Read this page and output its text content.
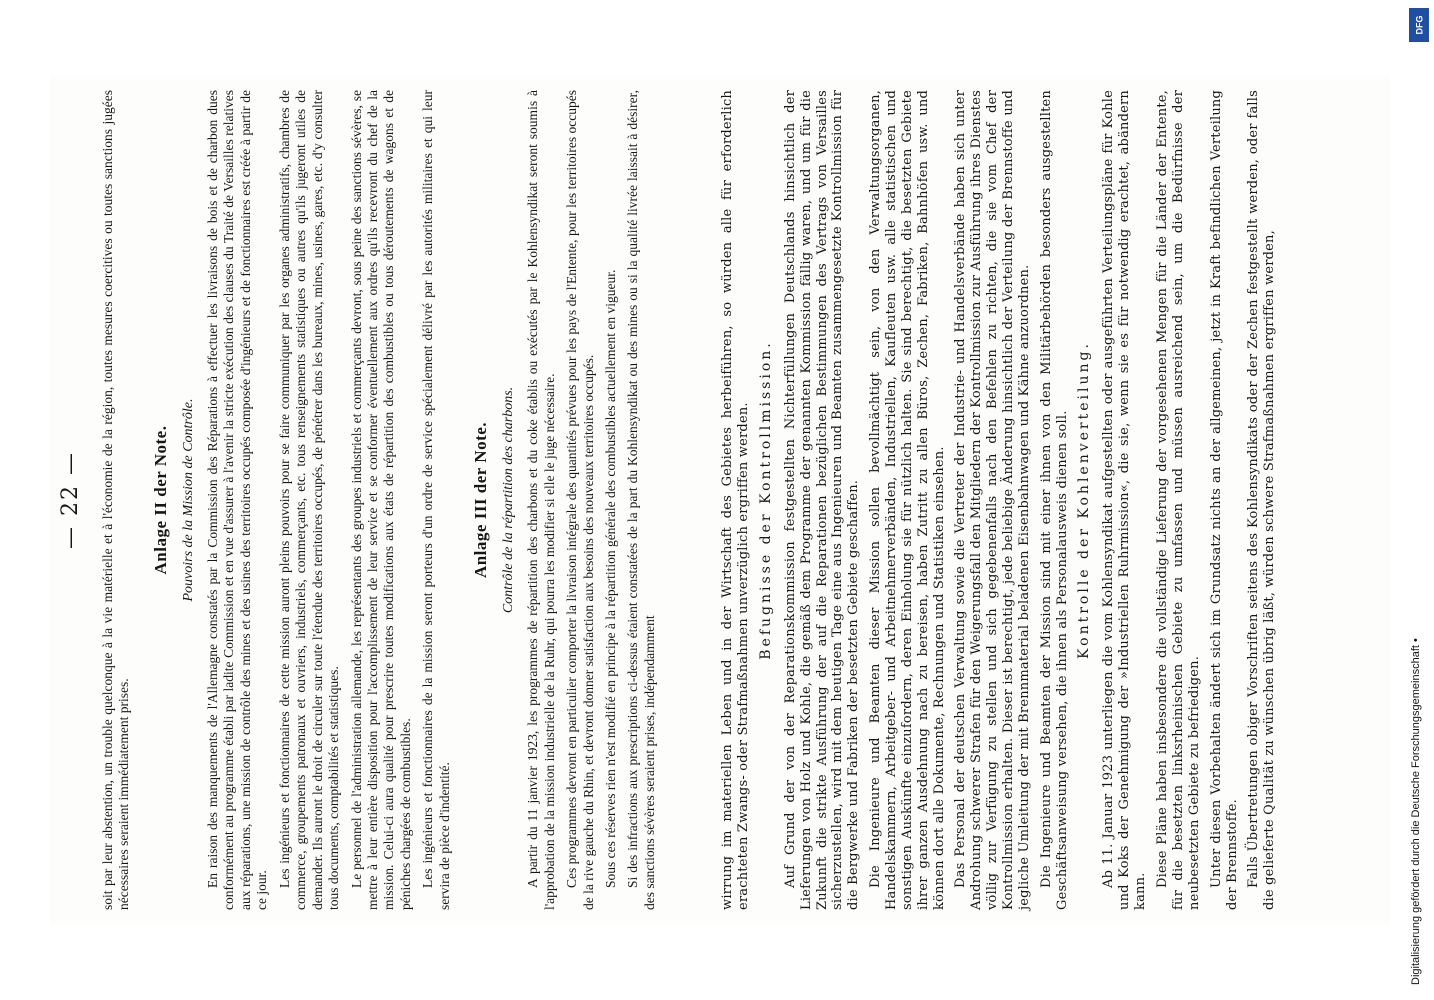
— 22 — soit par leur abstention, un trouble quelconque à la vie matérielle et à l'économie de la région, toutes mesures coercitives ou toutes sanctions jugées nécessaires seraient immédiatement prises.

Anlage II der Note. Pouvoirs de la Mission de Contrôle. En raison des manquements de l'Allemagne constatés par la Commission des Réparations à effectuer les livraisons de bois et de charbon dues conformément au programme établi par ladite Commission et en vue d'assurer à l'avenir la stricte exécution des clauses du Traité de Versailles relatives aux réparations, une mission de contrôle des mines et des usines des territoires occupés composée d'ingénieurs et de fonctionnaires est créée à partir de ce jour.

Les ingénieurs et fonctionnaires de cette mission auront pleins pouvoirs pour se faire communiquer par les organes administratifs, chambres de commerce, groupements patronaux et ouvriers, industriels, commerçants, etc. tous renseignements statistiques ou autres qu'ils jugeront utiles de demander. Ils auront le droit de circuler sur toute l'étendue des territoires occupés, de pénétrer dans les bureaux, mines, usines, gares, etc. d'y consulter tous documents, comptabilités et statistiques. Le personnel de l'administration allemande, les représentants des groupes industriels et commerçants devront, sous peine des sanctions sévères, se mettre à leur entière disposition pour l'accomplissement de leur service et se conformer éventuellement aux ordres qu'ils recevront du chef de la mission. Celui-ci aura qualité pour prescrire toutes modifications aux états de répartition des combustibles ou tous déroutements de wagons et de péniches chargées de combustibles. Les ingénieurs et fonctionnaires de la mission seront porteurs d'un ordre de service spécialement délivré par les autorités militaires et qui leur servira de pièce d'indentité.

Anlage III der Note. Contrôle de la répartition des charbons. A partir du 11 janvier 1923, les programmes de répartition des charbons et du coke établis ou exécutés par le Kohlensyndikat seront soumis à l'approbation de la mission industrielle de la Ruhr, qui pourra les modifier si elle le juge nécessaire. Ces programmes devront en particulier comporter la livraison intégrale des quantités prévues pour les pays de l'Entente, pour les territoires occupés de la rive gauche du Rhin, et devront donner satisfaction aux besoins des nouveaux territoires occupés. Sous ces réserves rien n'est modifié en principe à la répartition générale des combustibles actuellement en vigueur. Si des infractions aux prescriptions ci-dessus étaient constatées de la part du Kohlensyndikat ou des mines ou si la qualité livrée laissait à désirer, des sanctions sévères seraient prises, indépendamment	wirrung im materiellen Leben und in der Wirtschaft des Gebietes herbeiführen, so würden alle für erforderlich erachteten Zwangs- oder Strafmaßnahmen unverzüglich ergriffen werden. Befugnisse der Kontrollmission. Auf Grund der von der Reparationskommission festgestellten Nichterfüllungen Deutschlands hinsichtlich der Lieferungen von Holz und Kohle, die gemäß dem Programme der genannten Kommission fällig waren, und um für die Zukunft die strikte Ausführung der auf die Reparationen bezüglichen Bestimmungen des Vertrags von Versailles sicherzustellen, wird mit dem heutigen Tage eine aus Ingenieuren und Beamten zusammengesetzte Kontrollmission für die Bergwerke und Fabriken der besetzten Gebiete geschaffen. Die Ingenieure und Beamten dieser Mission sollen bevollmächtigt sein, von den Verwaltungsorganen, Handelskammern, Arbeitgeber- und Arbeitnehmerverbänden, Industriellen, Kaufleuten usw. alle statistischen und sonstigen Auskünfte einzufordern, deren Einholung sie für nützlich halten. Sie sind berechtigt, die besetzten Gebiete ihrer ganzen Ausdehnung nach zu bereisen, haben Zutritt zu allen Büros, Zechen, Fabriken, Bahnhöfen usw. und können dort alle Dokumente, Rechnungen und Statistiken einsehen. Das Personal der deutschen Verwaltung sowie die Vertreter der Industrie- und Handelsverbände haben sich unter Androhung schwerer Strafen für den Weigerungsfall den Mitgliedern der Kontrollmission zur Ausführung ihres Dienstes völlig zur Verfügung zu stellen und sich gegebenenfalls nach den Befehlen zu richten, die sie vom Chef der Kontrollmission erhalten. Dieser ist berechtigt, jede beliebige Änderung hinsichtlich der Verteilung der Brennstoffe und jegliche Umleitung der mit Brennmaterial beladenen Eisenbahnwagen und Kähne anzuordnen. Die Ingenieure und Beamten der Mission sind mit einer ihnen von den Militärbehörden besonders ausgestellten Geschäftsanweisung versehen, die ihnen als Personalausweis dienen soll. Kontrolle der Kohlenverteilung. Ab 11. Januar 1923 unterliegen die vom Kohlensyndikat aufgestellten oder ausgeführten Verteilungspläne für Kohle und Koks der Genehmigung der »Industriellen Ruhrmission«, die sie, wenn sie es für notwendig erachtet, abändern kann.

Diese Pläne haben insbesondere die vollständige Lieferung der vorgesehenen Mengen für die Länder der Entente, für die besetzten linksrheinischen Gebiete zu umfassen und müssen ausreichend sein, um die Bedürfnisse der neubesetzten Gebiete zu befriedigen. Unter diesen Vorbehalten ändert sich im Grundsatz nichts an der allgemeinen, jetzt in Kraft befindlichen Verteilung der Brennstoffe. Falls Übertretungen obiger Vorschriften seitens des Kohlensyndikats oder der Zechen festgestellt werden, oder falls die gelieferte Qualität zu wünschen übrig läßt, würden schwere Strafmaßnahmen ergriffen werden,

DFG
Digitalisierung gefördert durch die Deutsche Forschungsgemeinschaft •
